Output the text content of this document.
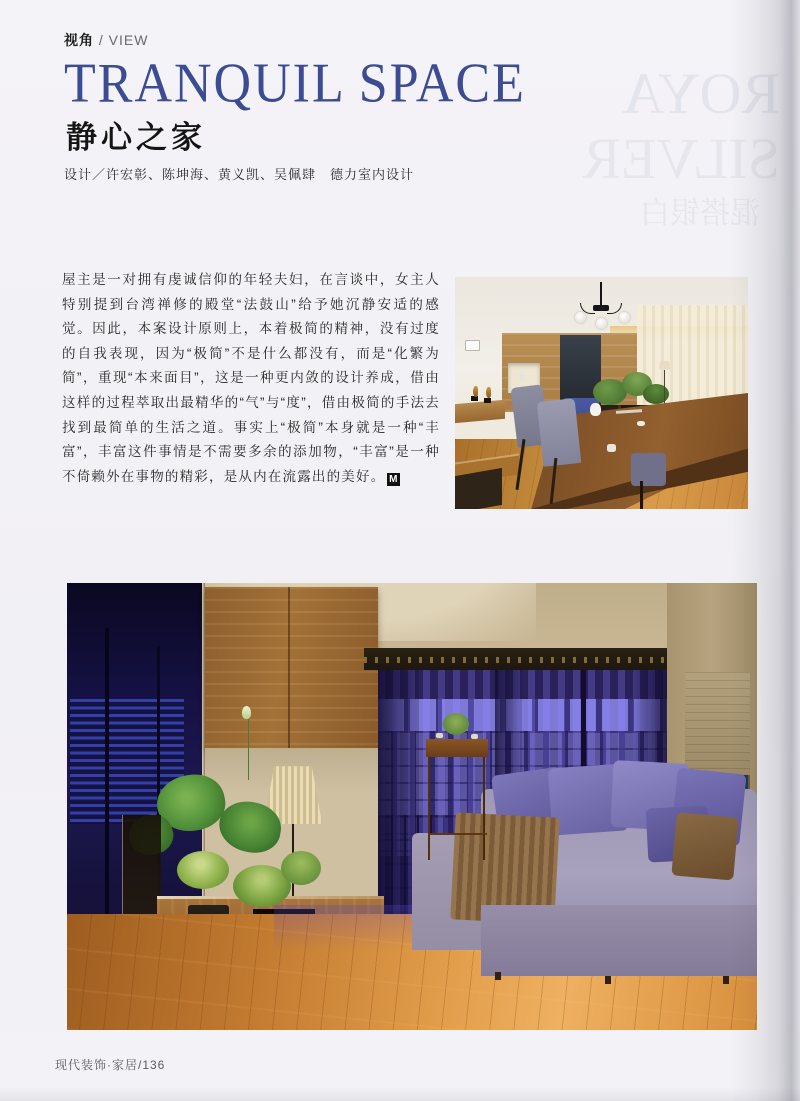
视角 / VIEW
ROYA
SILVER
混搭银白
TRANQUIL SPACE
静心之家
设计／许宏彰、陈坤海、黄义凯、吴佩肆　德力室内设计
屋主是一对拥有虔诚信仰的年轻夫妇，在言谈中，女主人特别提到台湾禅修的殿堂“法鼓山”给予她沉静安适的感觉。因此，本案设计原则上，本着极简的精神，没有过度的自我表现，因为“极简”不是什么都没有，而是“化繁为简”，重现“本来面目”，这是一种更内敛的设计养成，借由这样的过程萃取出最精华的“气”与“度”，借由极简的手法去找到最简单的生活之道。事实上“极简”本身就是一种“丰富”，丰富这件事情是不需要多余的添加物，“丰富”是一种不倚赖外在事物的精彩，是从内在流露出的美好。 M
现代装饰·家居/136
